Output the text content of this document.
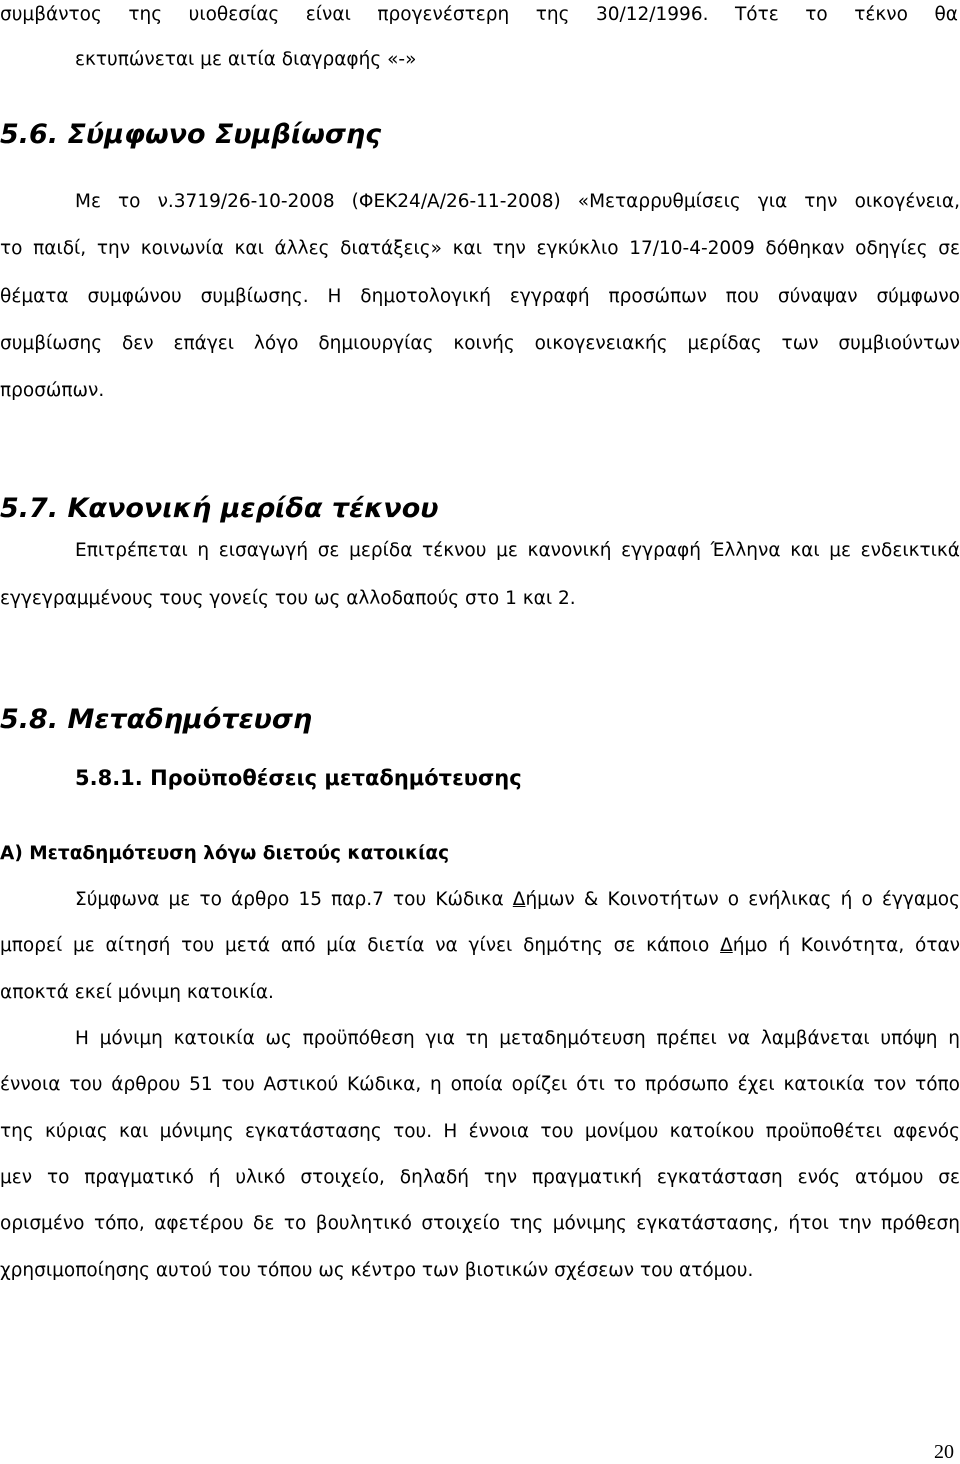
συμβάντος της υιοθεσίας είναι προγενέστερη της 30/12/1996. Τότε το τέκνο θα

εκτυπώνεται με αιτία διαγραφής «-»

5.6. Σύμφωνο Συμβίωσης

Με το ν.3719/26-10-2008 (ΦΕΚ24/Α/26-11-2008) «Μεταρρυθμίσεις για την οικογένεια,

το παιδί, την κοινωνία και άλλες διατάξεις» και την εγκύκλιο 17/10-4-2009 δόθηκαν οδηγίες σε

θέματα συμφώνου συμβίωσης. Η δημοτολογική εγγραφή προσώπων που σύναψαν σύμφωνο

συμβίωσης δεν επάγει λόγο δημιουργίας κοινής οικογενειακής μερίδας των συμβιούντων

προσώπων.

5.7. Κανονική μερίδα τέκνου

Επιτρέπεται η εισαγωγή σε μερίδα τέκνου με κανονική εγγραφή Έλληνα και με ενδεικτικά

εγγεγραμμένους τους γονείς του ως αλλοδαπούς στο 1 και 2.

5.8. Μεταδημότευση
5.8.1. Προϋποθέσεις μεταδημότευσης

Α) Μεταδημότευση λόγω διετούς κατοικίας

Σύμφωνα με το άρθρο 15 παρ.7 του Κώδικα Δήμων & Κοινοτήτων ο ενήλικας ή ο έγγαμος

μπορεί με αίτησή του μετά από μία διετία να γίνει δημότης σε κάποιο Δήμο ή Κοινότητα, όταν

αποκτά εκεί μόνιμη κατοικία.

Η μόνιμη κατοικία ως προϋπόθεση για τη μεταδημότευση πρέπει να λαμβάνεται υπόψη η

έννοια του άρθρου 51 του Αστικού Κώδικα, η οποία ορίζει ότι το πρόσωπο έχει κατοικία τον τόπο

της κύριας και μόνιμης εγκατάστασης του. Η έννοια του μονίμου κατοίκου προϋποθέτει αφενός

μεν το πραγματικό ή υλικό στοιχείο, δηλαδή την πραγματική εγκατάσταση ενός ατόμου σε

ορισμένο τόπο, αφετέρου δε το βουλητικό στοιχείο της μόνιμης εγκατάστασης, ήτοι την πρόθεση

χρησιμοποίησης αυτού του τόπου ως κέντρο των βιοτικών σχέσεων του ατόμου.

20
